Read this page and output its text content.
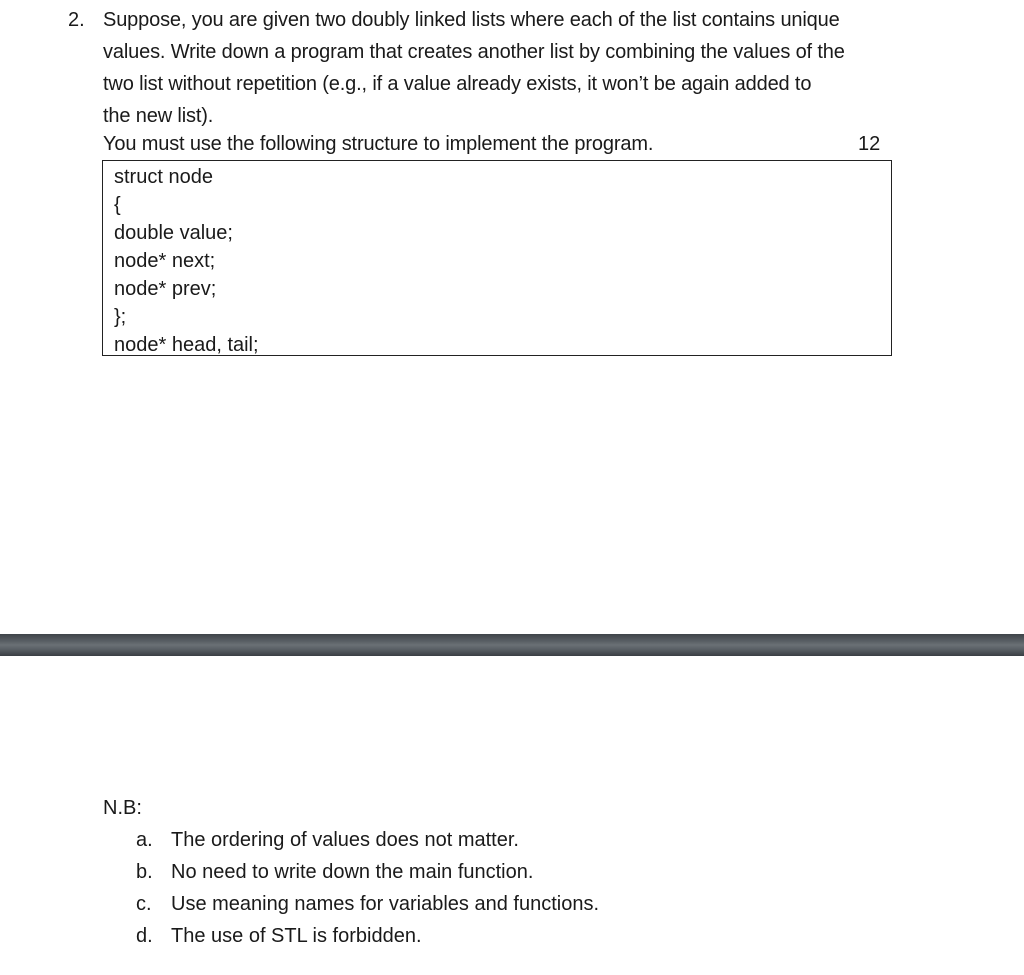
2. Suppose, you are given two doubly linked lists where each of the list contains unique
values. Write down a program that creates another list by combining the values of the
two list without repetition (e.g., if a value already exists, it won’t be again added to
the new list).
You must use the following structure to implement the program.	12
struct node
{
double value;
node* next;
node* prev;
};
node* head, tail;
N.B:
a. The ordering of values does not matter.
b. No need to write down the main function.
c. Use meaning names for variables and functions.
d. The use of STL is forbidden.
